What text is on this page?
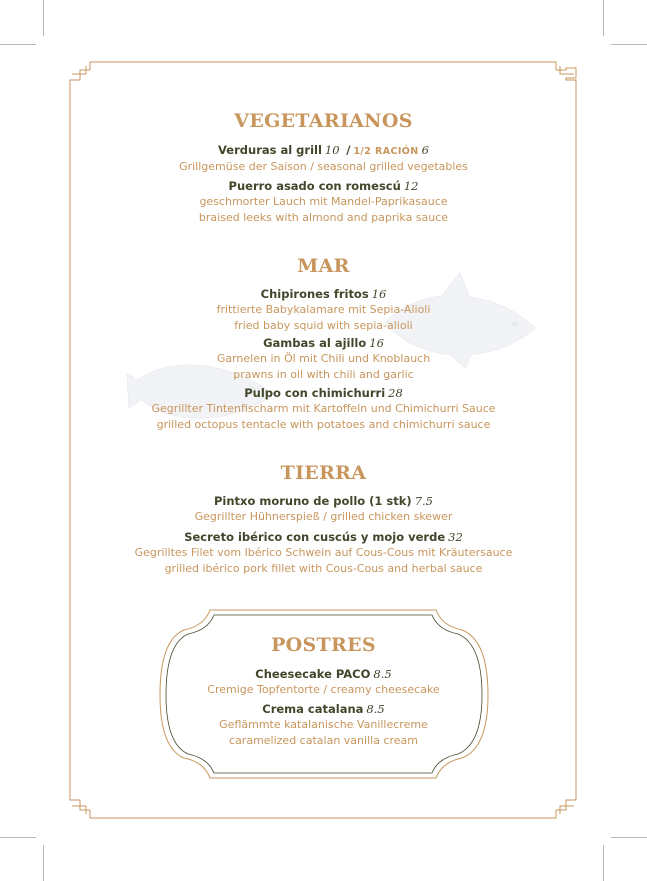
VEGETARIANOS
Verduras al grill 10 / 1/2 RACIÓN 6
Grillgemüse der Saison / seasonal grilled vegetables
Puerro asado con romescú 12
geschmorter Lauch mit Mandel-Paprikasauce
braised leeks with almond and paprika sauce
MAR
Chipirones fritos 16
frittierte Babykalamare mit Sepia-Alioli
fried baby squid with sepia-alioli
Gambas al ajillo 16
Garnelen in Öl mit Chili und Knoblauch
prawns in oil with chili and garlic
Pulpo con chimichurri 28
Gegrillter Tintenfischarm mit Kartoffeln und Chimichurri Sauce
grilled octopus tentacle with potatoes and chimichurri sauce
TIERRA
Pintxo moruno de pollo (1 stk) 7.5
Gegrillter Hühnerspieß / grilled chicken skewer
Secreto ibérico con cuscús y mojo verde 32
Gegrilltes Filet vom Ibérico Schwein auf Cous-Cous mit Kräutersauce
grilled ibérico pork fillet with Cous-Cous and herbal sauce
POSTRES
Cheesecake PACO 8.5
Cremige Topfentorte / creamy cheesecake
Crema catalana 8.5
Geflämmte katalanische Vanillecreme
caramelized catalan vanilla cream
